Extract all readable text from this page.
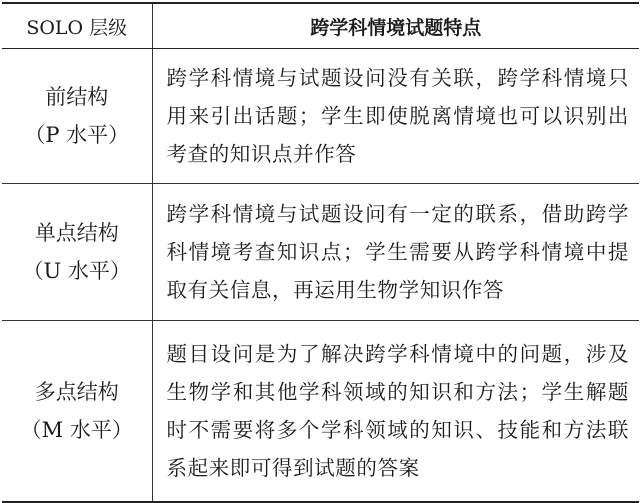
SOLO 层级	跨学科情境试题特点

前结构
（P 水平）	跨学科情境与试题设问没有关联，跨学科情境只用来引出话题；学生即使脱离情境也可以识别出考查的知识点并作答

单点结构
（U 水平）	跨学科情境与试题设问有一定的联系，借助跨学科情境考查知识点；学生需要从跨学科情境中提取有关信息，再运用生物学知识作答

多点结构
（M 水平）	题目设问是为了解决跨学科情境中的问题，涉及生物学和其他学科领域的知识和方法；学生解题时不需要将多个学科领域的知识、技能和方法联系起来即可得到试题的答案
